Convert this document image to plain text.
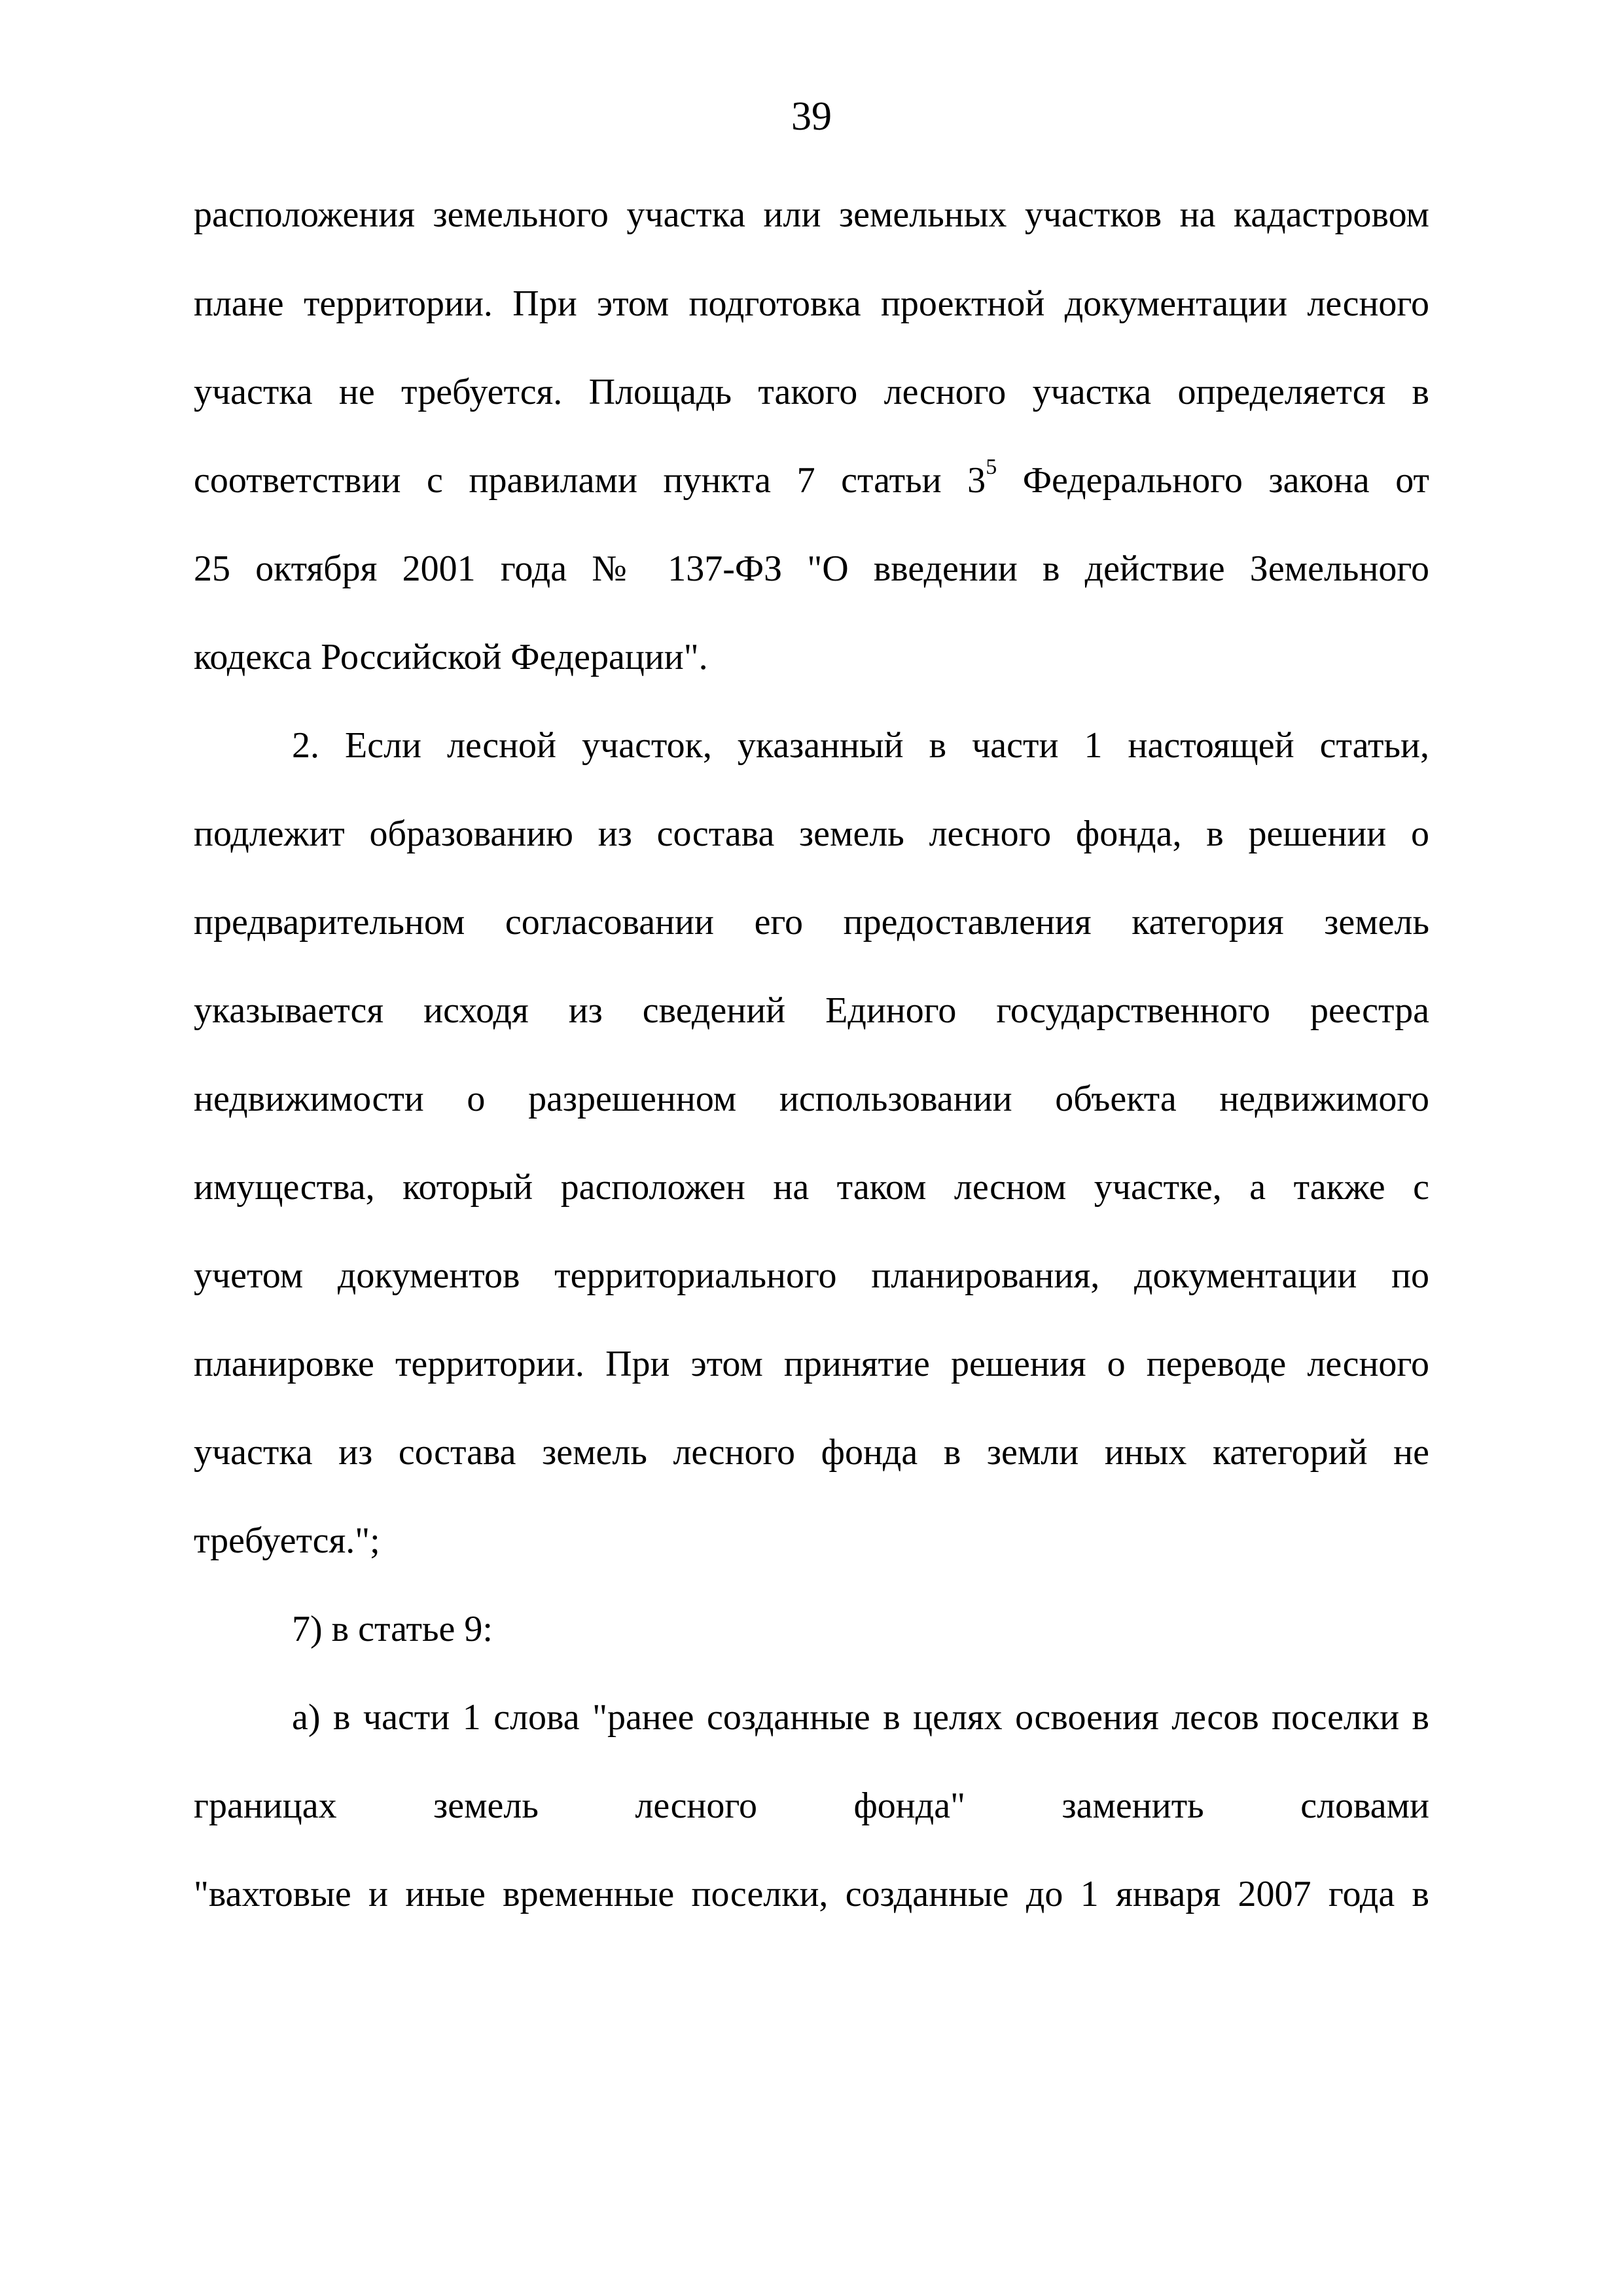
39
расположения земельного участка или земельных участков на кадастровом
плане территории. При этом подготовка проектной документации лесного
участка не требуется. Площадь такого лесного участка определяется в
соответствии с правилами пункта 7 статьи $3^5$ Федерального закона от
25 октября 2001 года № 137-ФЗ "О введении в действие Земельного
кодекса Российской Федерации".
2. Если лесной участок, указанный в части 1 настоящей статьи,
подлежит образованию из состава земель лесного фонда, в решении о
предварительном согласовании его предоставления категория земель
указывается исходя из сведений Единого государственного реестра
недвижимости о разрешенном использовании объекта недвижимого
имущества, который расположен на таком лесном участке, а также с
учетом документов территориального планирования, документации по
планировке территории. При этом принятие решения о переводе лесного
участка из состава земель лесного фонда в земли иных категорий не
требуется.";
7) в статье 9:
а) в части 1 слова "ранее созданные в целях освоения лесов поселки в
границах земель лесного фонда" заменить словами
"вахтовые и иные временные поселки, созданные до 1 января 2007 года в
